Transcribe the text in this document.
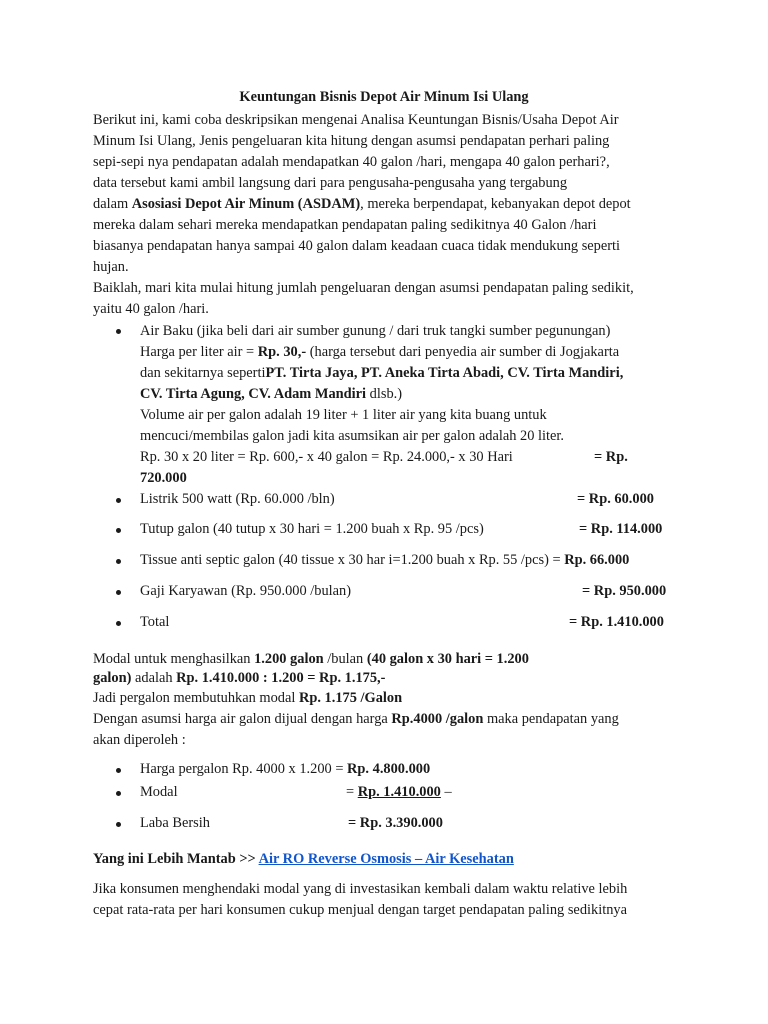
Keuntungan Bisnis Depot Air Minum Isi Ulang
Berikut ini, kami coba deskripsikan mengenai Analisa Keuntungan Bisnis/Usaha Depot Air
Minum Isi Ulang, Jenis pengeluaran kita hitung dengan asumsi pendapatan perhari paling
sepi-sepi nya pendapatan adalah mendapatkan 40 galon /hari, mengapa 40 galon perhari?,
data tersebut kami ambil langsung dari para pengusaha-pengusaha yang tergabung
dalam Asosiasi Depot Air Minum (ASDAM), mereka berpendapat, kebanyakan depot depot
mereka dalam sehari mereka mendapatkan pendapatan paling sedikitnya 40 Galon /hari
biasanya pendapatan hanya sampai 40 galon dalam keadaan cuaca tidak mendukung seperti
hujan.
Baiklah, mari kita mulai hitung jumlah pengeluaran dengan asumsi pendapatan paling sedikit,
yaitu 40 galon /hari.
Air Baku (jika beli dari air sumber gunung / dari truk tangki sumber pegunungan)
Harga per liter air = Rp. 30,- (harga tersebut dari penyedia air sumber di Jogjakarta
dan sekitarnya sepertiPT. Tirta Jaya, PT. Aneka Tirta Abadi, CV. Tirta Mandiri,
CV. Tirta Agung, CV. Adam Mandiri dlsb.)
Volume air per galon adalah 19 liter + 1 liter air yang kita buang untuk
mencuci/membilas galon jadi kita asumsikan air per galon adalah 20 liter.
Rp. 30 x 20 liter = Rp. 600,- x 40 galon = Rp. 24.000,- x 30 Hari	= Rp.
720.000
Listrik 500 watt (Rp. 60.000 /bln)	= Rp. 60.000
Tutup galon (40 tutup x 30 hari = 1.200 buah x Rp. 95 /pcs)	= Rp. 114.000
Tissue anti septic galon (40 tissue x 30 har i=1.200 buah x Rp. 55 /pcs) = Rp. 66.000
Gaji Karyawan (Rp. 950.000 /bulan)	= Rp. 950.000
Total	= Rp. 1.410.000
Modal untuk menghasilkan 1.200 galon /bulan (40 galon x 30 hari = 1.200
galon) adalah Rp. 1.410.000 : 1.200 = Rp. 1.175,-
Jadi pergalon membutuhkan modal Rp. 1.175 /Galon
Dengan asumsi harga air galon dijual dengan harga Rp.4000 /galon maka pendapatan yang
akan diperoleh :
Harga pergalon Rp. 4000 x 1.200 = Rp. 4.800.000
Modal	= Rp. 1.410.000 –
Laba Bersih	= Rp. 3.390.000
Yang ini Lebih Mantab >> Air RO Reverse Osmosis – Air Kesehatan
Jika konsumen menghendaki modal yang di investasikan kembali dalam waktu relative lebih
cepat rata-rata per hari konsumen cukup menjual dengan target pendapatan paling sedikitnya
